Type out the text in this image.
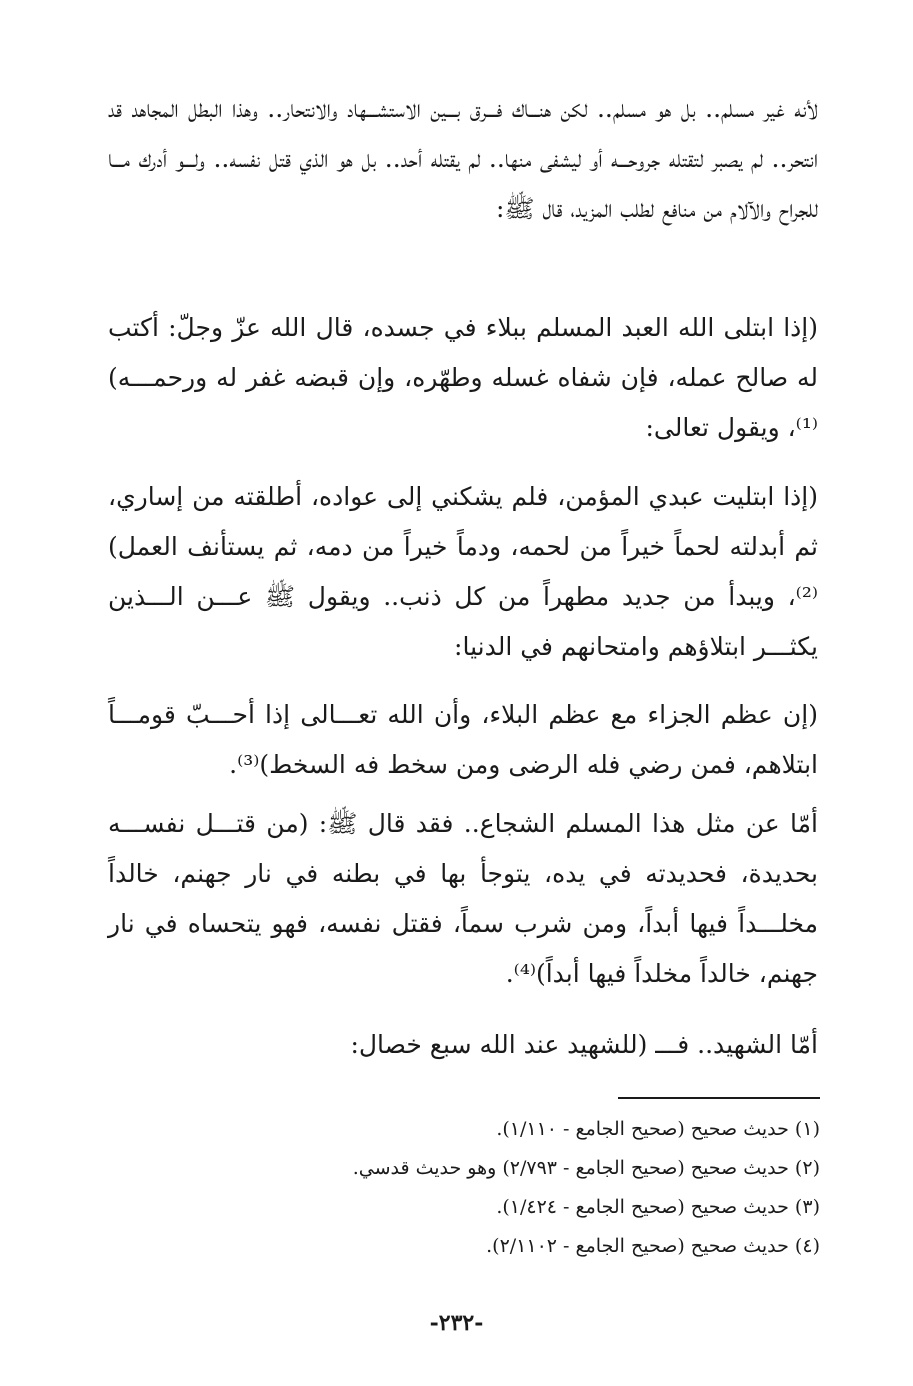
لأنه غير مسلم.. بل هو مسلم.. لكن هنـــاك فـــرق بـــين الاستشـــهاد والانتحار.. وهذا البطل المجاهد قد انتحر.. لم يصبر لتقتله جروحـــه أو ليشفى منها.. لم يقتله أحد.. بل هو الذي قتل نفسه.. ولـــو أدرك مـــا للجراح والآلام من منافع لطلب المزيد، قال ﷺ:

(إذا ابتلى الله العبد المسلم ببلاء في جسده، قال الله عزّ وجلّ: أكتب له صالح عمله، فإن شفاه غسله وطهّره، وإن قبضه غفر له ورحمـــه)⁽¹⁾، ويقول تعالى:

(إذا ابتليت عبدي المؤمن، فلم يشكني إلى عواده، أطلقته من إساري، ثم أبدلته لحماً خيراً من لحمه، ودماً خيراً من دمه، ثم يستأنف العمل)⁽²⁾، ويبدأ من جديد مطهراً من كل ذنب.. ويقول ﷺ عـــن الـــذين يكثـــر ابتلاؤهم وامتحانهم في الدنيا:

(إن عظم الجزاء مع عظم البلاء، وأن الله تعـــالى إذا أحـــبّ قومـــاً ابتلاهم، فمن رضي فله الرضى ومن سخط فه السخط)⁽³⁾.

أمّا عن مثل هذا المسلم الشجاع.. فقد قال ﷺ: (من قتـــل نفســـه بحديدة، فحديدته في يده، يتوجأ بها في بطنه في نار جهنم، خالداً مخلـــداً فيها أبداً، ومن شرب سماً، فقتل نفسه، فهو يتحساه في نار جهنم، خالداً مخلداً فيها أبداً)⁽⁴⁾.

أمّا الشهيد.. فـــ (للشهيد عند الله سبع خصال:

(١) حديث صحيح (صحيح الجامع - ١/١١٠).
(٢) حديث صحيح (صحيح الجامع - ٢/٧٩٣) وهو حديث قدسي.
(٣) حديث صحيح (صحيح الجامع - ١/٤٢٤).
(٤) حديث صحيح (صحيح الجامع - ٢/١١٠٢).
-٢٣٢-
